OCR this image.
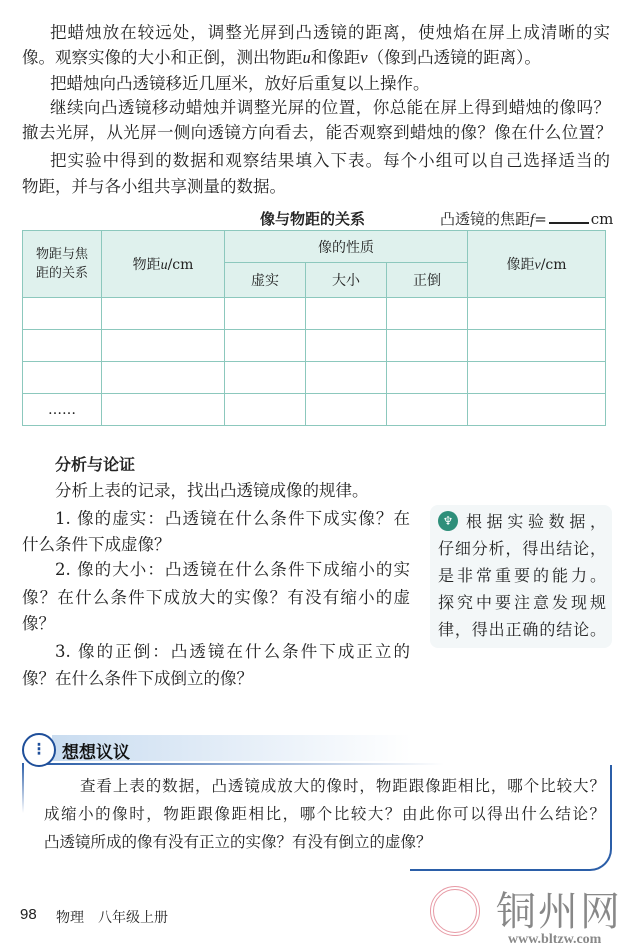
把蜡烛放在较远处，调整光屏到凸透镜的距离，使烛焰在屏上成清晰的实
像。观察实像的大小和正倒，测出物距u和像距v（像到凸透镜的距离）。
把蜡烛向凸透镜移近几厘米，放好后重复以上操作。
继续向凸透镜移动蜡烛并调整光屏的位置，你总能在屏上得到蜡烛的像吗？
撤去光屏，从光屏一侧向透镜方向看去，能否观察到蜡烛的像？像在什么位置？
把实验中得到的数据和观察结果填入下表。每个小组可以自己选择适当的
物距，并与各小组共享测量的数据。
像与物距的关系	凸透镜的焦距f=	cm
物距与焦距的关系	物距u/cm	像的性质			像距v/cm
		虚实	大小	正倒	

……					
分析与论证
分析上表的记录，找出凸透镜成像的规律。
1. 像的虚实：凸透镜在什么条件下成实像？在
什么条件下成虚像？
2. 像的大小：凸透镜在什么条件下成缩小的实
像？在什么条件下成放大的实像？有没有缩小的虚
像？
3. 像的正倒：凸透镜在什么条件下成正立的
像？在什么条件下成倒立的像？
♆ 根据实验数据，
仔细分析，得出结论，
是非常重要的能力。
探究中要注意发现规
律，得出正确的结论。
⁝	想想议议
查看上表的数据，凸透镜成放大的像时，物距跟像距相比，哪个比较大？
成缩小的像时，物距跟像距相比，哪个比较大？由此你可以得出什么结论？
凸透镜所成的像有没有正立的实像？有没有倒立的虚像？
98 物理　八年级上册	铜州网
www.bltzw.com
